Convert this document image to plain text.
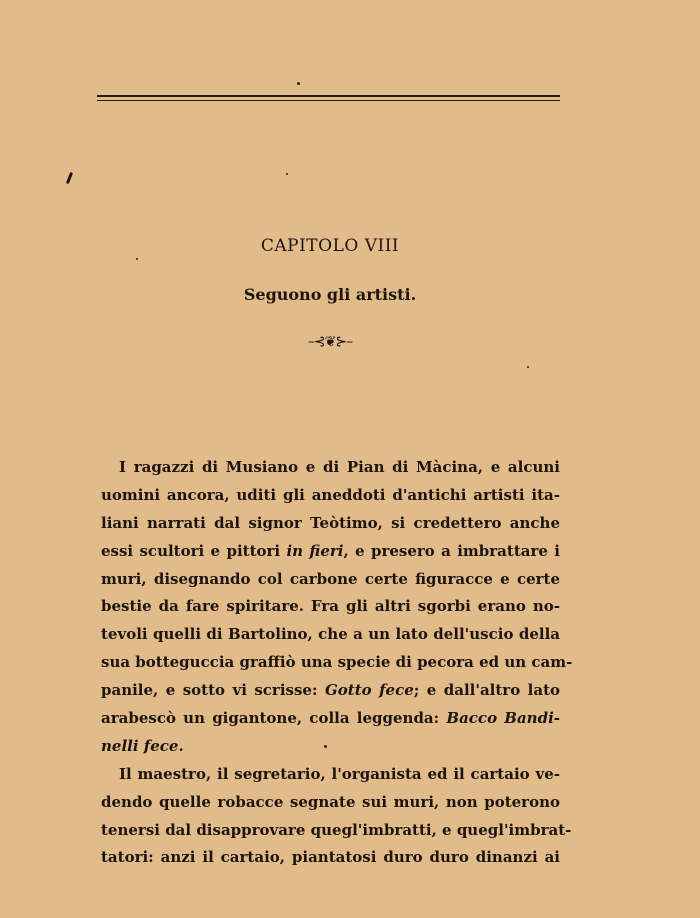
CAPITOLO VIII
Seguono gli artisti.
–⊰❦⊱–
I ragazzi di Musiano e di Pian di Màcina, e alcuni
uomini ancora, uditi gli aneddoti d'antichi artisti ita-
liani narrati dal signor Teòtimo, si credettero anche
essi scultori e pittori in fieri, e presero a imbrattare i
muri, disegnando col carbone certe figuracce e certe
bestie da fare spiritare. Fra gli altri sgorbi erano no-
tevoli quelli di Bartolino, che a un lato dell'uscio della
sua botteguccia graffiò una specie di pecora ed un cam-
panile, e sotto vi scrisse: Gotto fece; e dall'altro lato
arabescò un gigantone, colla leggenda: Bacco Bandi-
nelli fece.
Il maestro, il segretario, l'organista ed il cartaio ve-
dendo quelle robacce segnate sui muri, non poterono
tenersi dal disapprovare quegl'imbratti, e quegl'imbrat-
tatori: anzi il cartaio, piantatosi duro duro dinanzi ai
